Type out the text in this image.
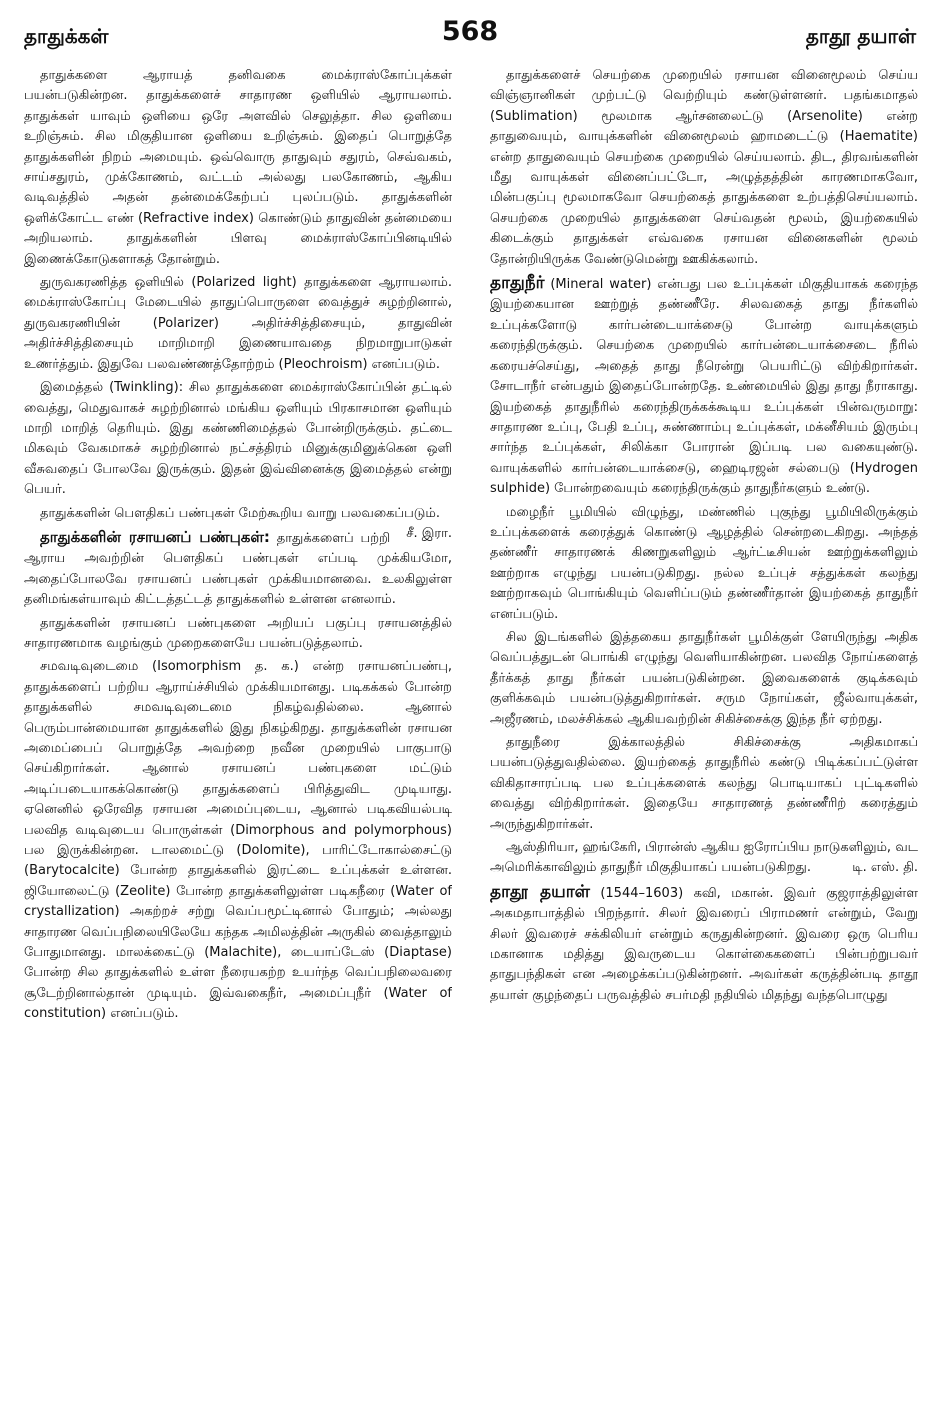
தாதுக்கள்	568	தாதூ தயாள்

தாதுக்களை ஆராயத் தனிவகை மைக்ராஸ்கோப்புக்கள் பயன்படுகின்றன. தாதுக்களைச் சாதாரண ஒளியில் ஆராயலாம். தாதுக்கள் யாவும் ஒளியை ஒரே அளவில் செலுத்தா. சில ஒளியை உறிஞ்சும். சில மிகுதியான ஒளியை உறிஞ்சும். இதைப் பொறுத்தே தாதுக்களின் நிறம் அமையும். ஒவ்வொரு தாதுவும் சதுரம், செவ்வகம், சாய்சதுரம், முக்கோணம், வட்டம் அல்லது பலகோணம், ஆகிய வடிவத்தில் அதன் தன்மைக்கேற்பப் புலப்படும். தாதுக்களின் ஒளிக்கோட்ட எண் (Refractive index) கொண்டும் தாதுவின் தன்மையை அறியலாம். தாதுக்களின் பிளவு மைக்ராஸ்கோப்பினடியில் இணைக்கோடுகளாகத் தோன்றும்.

துருவகரணித்த ஒளியில் (Polarized light) தாதுக்களை ஆராயலாம். மைக்ராஸ்கோப்பு மேடையில் தாதுப்பொருளை வைத்துச் சுழற்றினால், துருவகரணியின் (Polarizer) அதிர்ச்சித்திசையும், தாதுவின் அதிர்ச்சித்திசையும் மாறிமாறி இணையாவதை நிறமாறுபாடுகள் உணர்த்தும். இதுவே பலவண்ணத்தோற்றம் (Pleochroism) எனப்படும்.

இமைத்தல் (Twinkling): சில தாதுக்களை மைக்ராஸ்கோப்பின் தட்டில் வைத்து, மெதுவாகச் சுழற்றினால் மங்கிய ஒளியும் பிரகாசமான ஒளியும் மாறி மாறித் தெரியும். இது கண்ணிமைத்தல் போன்றிருக்கும். தட்டை மிகவும் வேகமாகச் சுழற்றினால் நட்சத்திரம் மினுக்குமினுக்கென ஒளி வீசுவதைப் போலவே இருக்கும். இதன் இவ்வினைக்கு இமைத்தல் என்று பெயர்.

தாதுக்களின் பௌதிகப் பண்புகள் மேற்கூறிய வாறு பலவகைப்படும்.
சீ. இரா.

தாதுக்களின் ரசாயனப் பண்புகள்: தாதுக்களைப் பற்றி ஆராய அவற்றின் பௌதிகப் பண்புகள் எப்படி முக்கியமோ, அதைப்போலவே ரசாயனப் பண்புகள் முக்கியமானவை. உலகிலுள்ள தனிமங்கள்யாவும் கிட்டத்தட்டத் தாதுக்களில் உள்ளன எனலாம்.

தாதுக்களின் ரசாயனப் பண்புகளை அறியப் பகுப்பு ரசாயனத்தில் சாதாரணமாக வழங்கும் முறைகளையே பயன்படுத்தலாம்.

சமவடிவுடைமை (Isomorphism த. க.) என்ற ரசாயனப்பண்பு, தாதுக்களைப் பற்றிய ஆராய்ச்சியில் முக்கியமானது. படிகக்கல் போன்ற தாதுக்களில் சமவடிவுடைமை நிகழ்வதில்லை. ஆனால் பெரும்பான்மையான தாதுக்களில் இது நிகழ்கிறது. தாதுக்களின் ரசாயன அமைப்பைப் பொறுத்தே அவற்றை நவீன முறையில் பாகுபாடு செய்கிறார்கள். ஆனால் ரசாயனப் பண்புகளை மட்டும் அடிப்படையாகக்கொண்டு தாதுக்களைப் பிரித்துவிட முடியாது. ஏனெனில் ஒரேவித ரசாயன அமைப்புடைய, ஆனால் படிகவியல்படி பலவித வடிவுடைய பொருள்கள் (Dimorphous and polymorphous) பல இருக்கின்றன. டாலமைட்டு (Dolomite), பாரிட்டோகால்சைட்டு (Barytocalcite) போன்ற தாதுக்களில் இரட்டை உப்புக்கள் உள்ளன. ஜியோலைட்டு (Zeolite) போன்ற தாதுக்களிலுள்ள படிகநீரை (Water of crystallization) அகற்றச் சற்று வெப்பமூட்டினால் போதும்; அல்லது சாதாரண வெப்பநிலையிலேயே கந்தக அமிலத்தின் அருகில் வைத்தாலும் போதுமானது. மாலக்கைட்டு (Malachite), டையாப்டேஸ் (Diaptase) போன்ற சில தாதுக்களில் உள்ள நீரையகற்ற உயர்ந்த வெப்பநிலைவரை சூடேற்றினால்தான் முடியும். இவ்வகைநீர், அமைப்புநீர் (Water of constitution) எனப்படும்.

தாதுக்களைச் செயற்கை முறையில் ரசாயன வினைமூலம் செய்ய விஞ்ஞானிகள் முற்பட்டு வெற்றியும் கண்டுள்ளனர். பதங்கமாதல் (Sublimation) மூலமாக ஆர்சனலைட்டு (Arsenolite) என்ற தாதுவையும், வாயுக்களின் வினைமூலம் ஹாமடைட்டு (Haematite) என்ற தாதுவையும் செயற்கை முறையில் செய்யலாம். திட, திரவங்களின் மீது வாயுக்கள் வினைப்பட்டோ, அழுத்தத்தின் காரணமாகவோ, மின்பகுப்பு மூலமாகவோ செயற்கைத் தாதுக்களை உற்பத்திசெய்யலாம். செயற்கை முறையில் தாதுக்களை செய்வதன் மூலம், இயற்கையில் கிடைக்கும் தாதுக்கள் எவ்வகை ரசாயன வினைகளின் மூலம் தோன்றியிருக்க வேண்டுமென்று ஊகிக்கலாம்.

தாதுநீர் (Mineral water) என்பது பல உப்புக்கள் மிகுதியாகக் கரைந்த இயற்கையான ஊற்றுத் தண்ணீரே. சிலவகைத் தாது நீர்களில் உப்புக்களோடு கார்பன்டையாக்சைடு போன்ற வாயுக்களும் கரைந்திருக்கும். செயற்கை முறையில் கார்பன்டையாக்சைடை நீரில் கரையச்செய்து, அதைத் தாது நீரென்று பெயரிட்டு விற்கிறார்கள். சோடாநீர் என்பதும் இதைப்போன்றதே. உண்மையில் இது தாது நீராகாது. இயற்கைத் தாதுநீரில் கரைந்திருக்கக்கூடிய உப்புக்கள் பின்வருமாறு: சாதாரண உப்பு, பேதி உப்பு, சுண்ணாம்பு உப்புக்கள், மக்னீசியம் இரும்பு சார்ந்த உப்புக்கள், சிலிக்கா போரான் இப்படி பல வகையுண்டு. வாயுக்களில் கார்பன்டையாக்சைடு, ஹைடிரஜன் சல்பைடு (Hydrogen sulphide) போன்றவையும் கரைந்திருக்கும் தாதுநீர்களும் உண்டு.

மழைநீர் பூமியில் விழுந்து, மண்ணில் புகுந்து பூமியிலிருக்கும் உப்புக்களைக் கரைத்துக் கொண்டு ஆழத்தில் சென்றடைகிறது. அந்தத் தண்ணீர் சாதாரணக் கிணறுகளிலும் ஆர்ட்டீசியன் ஊற்றுக்களிலும் ஊற்றாக எழுந்து பயன்படுகிறது. நல்ல உப்புச் சத்துக்கள் கலந்து ஊற்றாகவும் பொங்கியும் வெளிப்படும் தண்ணீர்தான் இயற்கைத் தாதுநீர் எனப்படும்.

சில இடங்களில் இத்தகைய தாதுநீர்கள் பூமிக்குள் ளேயிருந்து அதிக வெப்பத்துடன் பொங்கி எழுந்து வெளியாகின்றன. பலவித நோய்களைத் தீர்க்கத் தாது நீர்கள் பயன்படுகின்றன. இவைகளைக் குடிக்கவும் குளிக்கவும் பயன்படுத்துகிறார்கள். சரும நோய்கள், ஜீல்வாயுக்கள், அஜீரணம், மலச்சிக்கல் ஆகியவற்றின் சிகிச்சைக்கு இந்த நீர் ஏற்றது.

தாதுநீரை இக்காலத்தில் சிகிச்சைக்கு அதிகமாகப் பயன்படுத்துவதில்லை. இயற்கைத் தாதுநீரில் கண்டு பிடிக்கப்பட்டுள்ள விகிதாசாரப்படி பல உப்புக்களைக் கலந்து பொடியாகப் புட்டிகளில் வைத்து விற்கிறார்கள். இதையே சாதாரணத் தண்ணீரிற் கரைத்தும் அருந்துகிறார்கள்.

ஆஸ்திரியா, ஹங்கேரி, பிரான்ஸ் ஆகிய ஐரோப்பிய நாடுகளிலும், வட அமெரிக்காவிலும் தாதுநீர் மிகுதியாகப் பயன்படுகிறது.	டி. எஸ். தி.

தாதூ தயாள் (1544–1603) கவி, மகான். இவர் குஜராத்திலுள்ள அகமதாபாத்தில் பிறந்தார். சிலர் இவரைப் பிராமணர் என்றும், வேறு சிலர் இவரைச் சக்கிலியர் என்றும் கருதுகின்றனர். இவரை ஒரு பெரிய மகானாக மதித்து இவருடைய கொள்கைகளைப் பின்பற்றுபவர் தாதுபந்திகள் என அழைக்கப்படுகின்றனர். அவர்கள் கருத்தின்படி தாதூ தயாள் குழந்தைப் பருவத்தில் சபர்மதி நதியில் மிதந்து வந்தபொழுது
